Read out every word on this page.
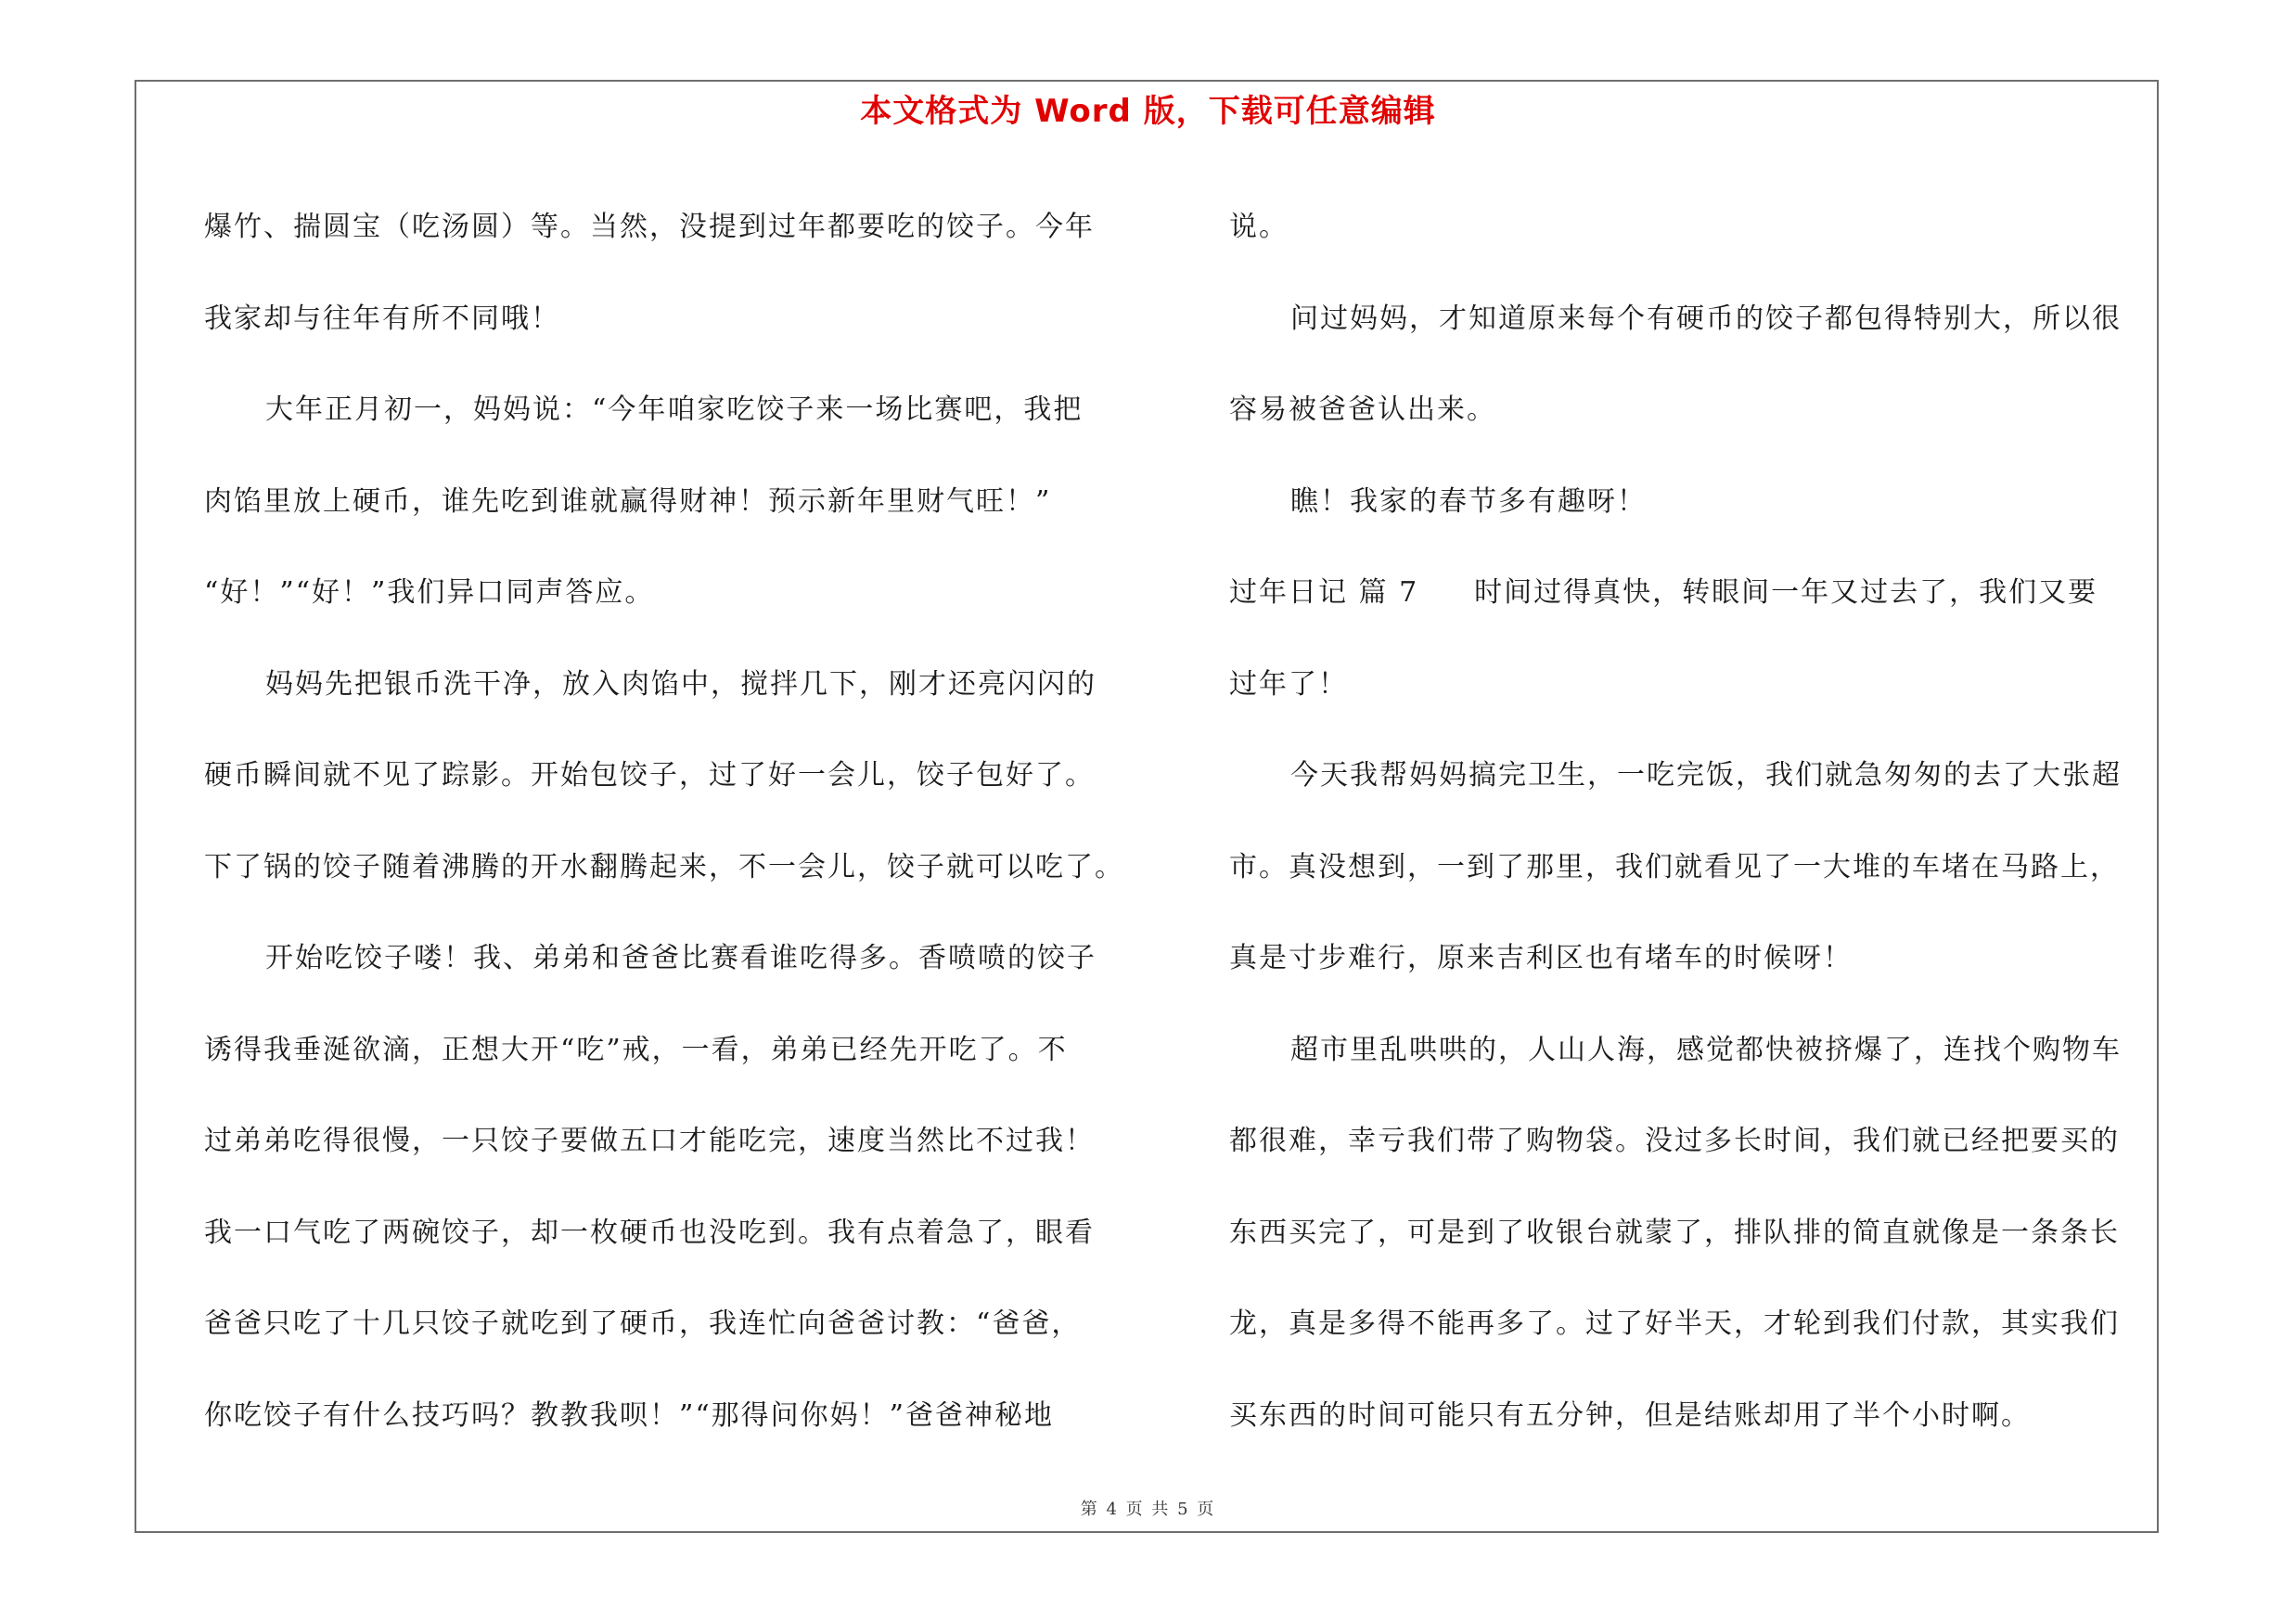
本文格式为 Word 版，下载可任意编辑
爆竹、揣圆宝（吃汤圆）等。当然，没提到过年都要吃的饺子。今年
我家却与往年有所不同哦！
大年正月初一，妈妈说：“今年咱家吃饺子来一场比赛吧，我把
肉馅里放上硬币，谁先吃到谁就赢得财神！预示新年里财气旺！”
“好！”“好！”我们异口同声答应。
妈妈先把银币洗干净，放入肉馅中，搅拌几下，刚才还亮闪闪的
硬币瞬间就不见了踪影。开始包饺子，过了好一会儿，饺子包好了。
下了锅的饺子随着沸腾的开水翻腾起来，不一会儿，饺子就可以吃了。
开始吃饺子喽！我、弟弟和爸爸比赛看谁吃得多。香喷喷的饺子
诱得我垂涎欲滴，正想大开“吃”戒，一看，弟弟已经先开吃了。不
过弟弟吃得很慢，一只饺子要做五口才能吃完，速度当然比不过我！
我一口气吃了两碗饺子，却一枚硬币也没吃到。我有点着急了，眼看
爸爸只吃了十几只饺子就吃到了硬币，我连忙向爸爸讨教：“爸爸，
你吃饺子有什么技巧吗？教教我呗！”“那得问你妈！”爸爸神秘地
说。
问过妈妈，才知道原来每个有硬币的饺子都包得特别大，所以很
容易被爸爸认出来。
瞧！我家的春节多有趣呀！
过年日记 篇 7 时间过得真快，转眼间一年又过去了，我们又要
过年了！
今天我帮妈妈搞完卫生，一吃完饭，我们就急匆匆的去了大张超
市。真没想到，一到了那里，我们就看见了一大堆的车堵在马路上，
真是寸步难行，原来吉利区也有堵车的时候呀！
超市里乱哄哄的，人山人海，感觉都快被挤爆了，连找个购物车
都很难，幸亏我们带了购物袋。没过多长时间，我们就已经把要买的
东西买完了，可是到了收银台就蒙了，排队排的简直就像是一条条长
龙，真是多得不能再多了。过了好半天，才轮到我们付款，其实我们
买东西的时间可能只有五分钟，但是结账却用了半个小时啊。
第 4 页 共 5 页
